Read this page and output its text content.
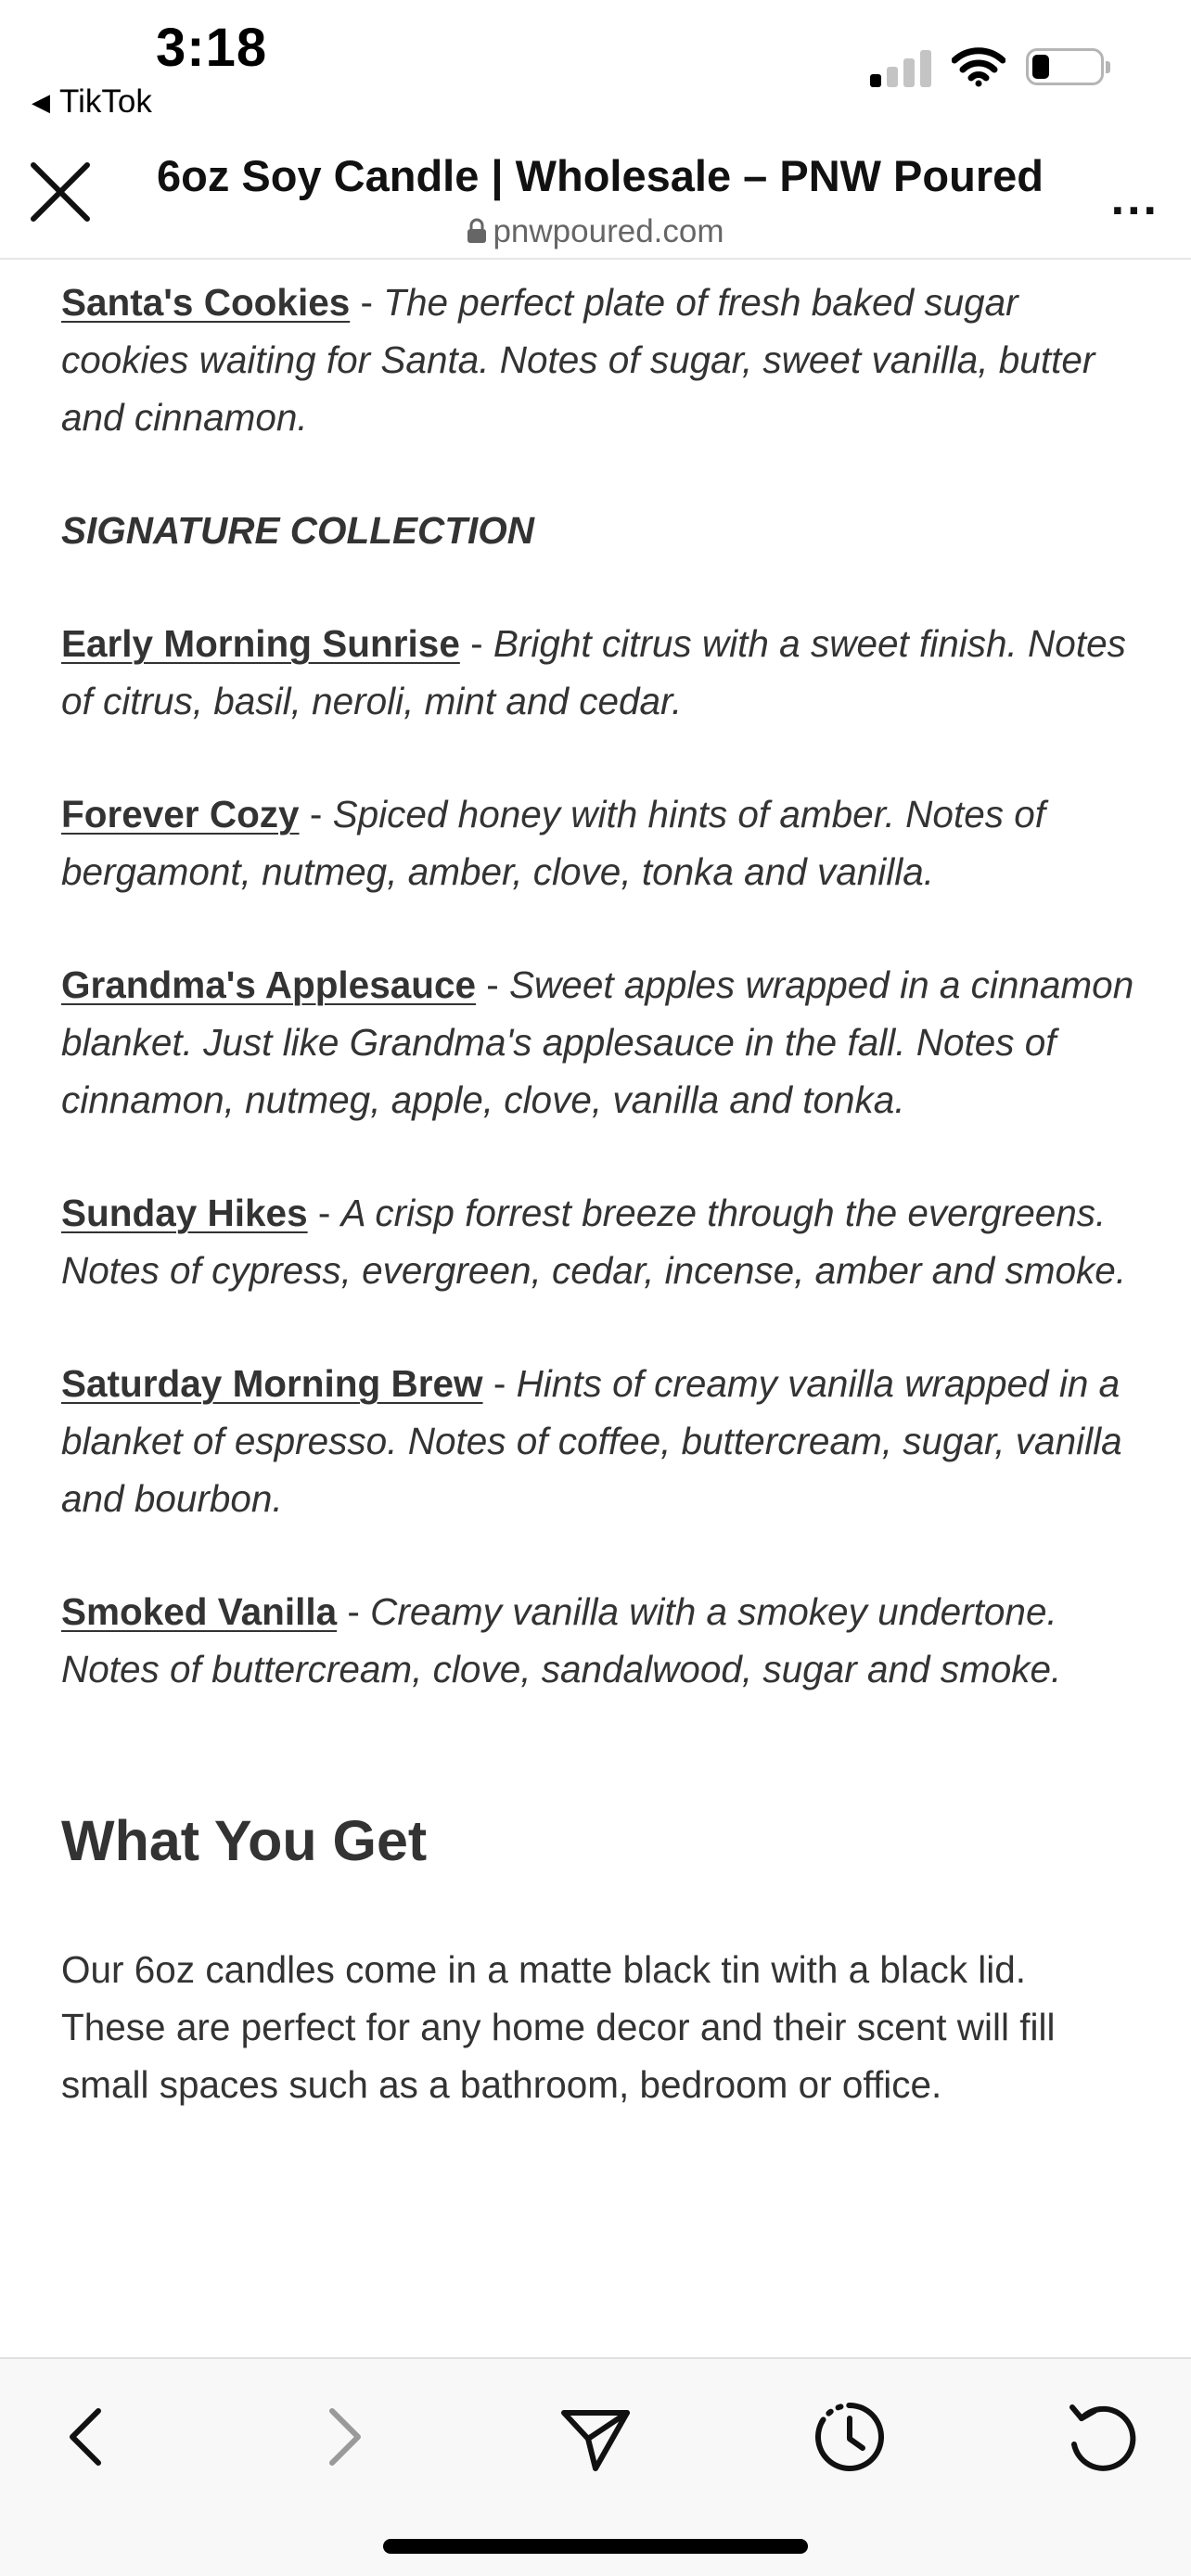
3:18
◀ TikTok
6oz Soy Candle | Wholesale – PNW Poured
pnwpoured.com
...

Santa's Cookies - The perfect plate of fresh baked sugar cookies waiting for Santa. Notes of sugar, sweet vanilla, butter and cinnamon.

SIGNATURE COLLECTION

Early Morning Sunrise - Bright citrus with a sweet finish. Notes of citrus, basil, neroli, mint and cedar.

Forever Cozy - Spiced honey with hints of amber. Notes of bergamont, nutmeg, amber, clove, tonka and vanilla.

Grandma's Applesauce - Sweet apples wrapped in a cinnamon blanket. Just like Grandma's applesauce in the fall. Notes of cinnamon, nutmeg, apple, clove, vanilla and tonka.

Sunday Hikes - A crisp forrest breeze through the evergreens. Notes of cypress, evergreen, cedar, incense, amber and smoke.

Saturday Morning Brew - Hints of creamy vanilla wrapped in a blanket of espresso. Notes of coffee, buttercream, sugar, vanilla and bourbon.

Smoked Vanilla - Creamy vanilla with a smokey undertone. Notes of buttercream, clove, sandalwood, sugar and smoke.

What You Get

Our 6oz candles come in a matte black tin with a black lid. These are perfect for any home decor and their scent will fill small spaces such as a bathroom, bedroom or office.
